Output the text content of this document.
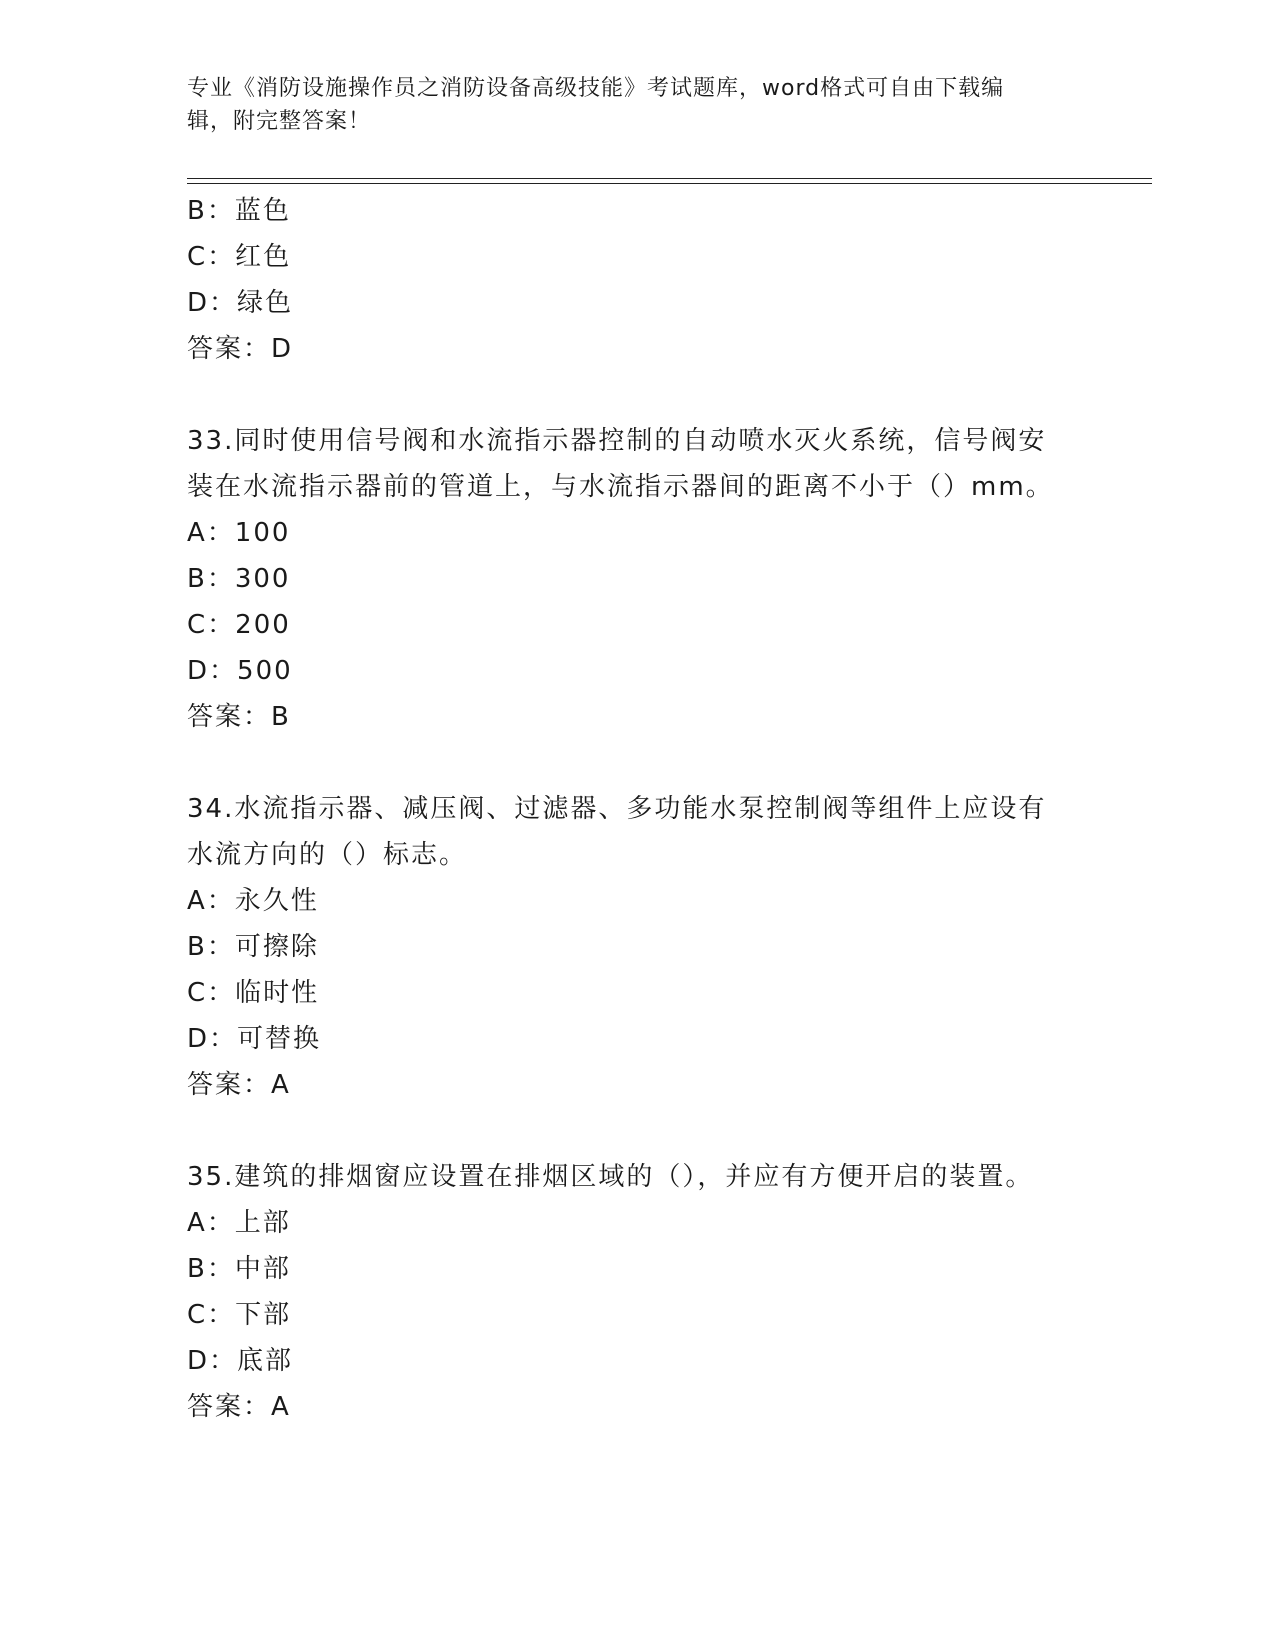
专业《消防设施操作员之消防设备高级技能》考试题库，word格式可自由下载编
辑，附完整答案！
B：蓝色
C：红色
D：绿色
答案：D
33.同时使用信号阀和水流指示器控制的自动喷水灭火系统，信号阀安
装在水流指示器前的管道上，与水流指示器间的距离不小于（）mm。
A：100
B：300
C：200
D：500
答案：B
34.水流指示器、减压阀、过滤器、多功能水泵控制阀等组件上应设有
水流方向的（）标志。
A：永久性
B：可擦除
C：临时性
D：可替换
答案：A
35.建筑的排烟窗应设置在排烟区域的（），并应有方便开启的装置。
A：上部
B：中部
C：下部
D：底部
答案：A
